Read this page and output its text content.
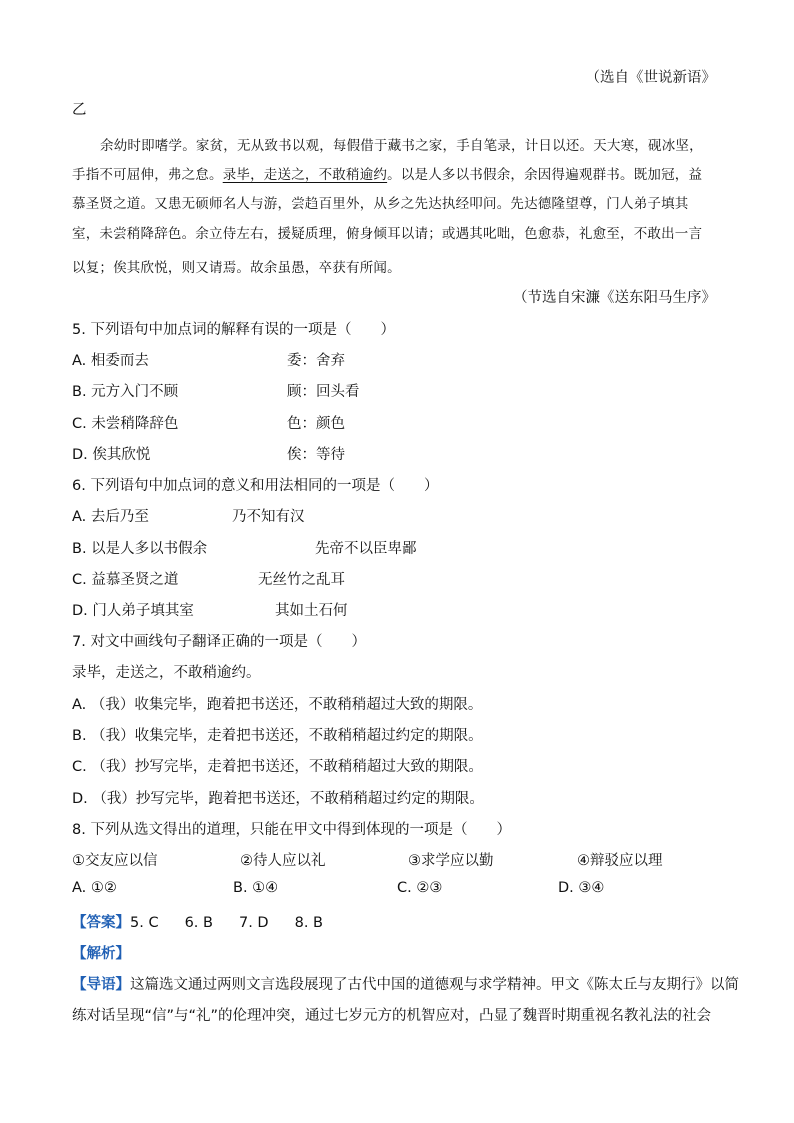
（选自《世说新语》
乙
余幼时即嗜学。家贫，无从致书以观，每假借于藏书之家，手自笔录，计日以还。天大寒，砚冰坚，
手指不可屈伸，弗之怠。录毕，走送之，不敢稍逾约。以是人多以书假余，余因得遍观群书。既加冠，益
慕圣贤之道。又患无硕师名人与游，尝趋百里外，从乡之先达执经叩问。先达德隆望尊，门人弟子填其
室，未尝稍降辞色。余立侍左右，援疑质理，俯身倾耳以请；或遇其叱咄，色愈恭，礼愈至，不敢出一言
以复；俟其欣悦，则又请焉。故余虽愚，卒获有所闻。
（节选自宋濂《送东阳马生序》
5. 下列语句中加点词的解释有误的一项是（　　）
A. 相委而去	委：舍弃
B. 元方入门不顾	顾：回头看
C. 未尝稍降辞色	色：颜色
D. 俟其欣悦	俟：等待
6. 下列语句中加点词的意义和用法相同的一项是（　　）
A. 去后乃至	乃不知有汉
B. 以是人多以书假余	先帝不以臣卑鄙
C. 益慕圣贤之道	无丝竹之乱耳
D. 门人弟子填其室	其如土石何
7. 对文中画线句子翻译正确的一项是（　　）
录毕，走送之，不敢稍逾约。
A. （我）收集完毕，跑着把书送还，不敢稍稍超过大致的期限。
B. （我）收集完毕，走着把书送还，不敢稍稍超过约定的期限。
C. （我）抄写完毕，走着把书送还，不敢稍稍超过大致的期限。
D. （我）抄写完毕，跑着把书送还，不敢稍稍超过约定的期限。
8. 下列从选文得出的道理，只能在甲文中得到体现的一项是（　　）
①交友应以信	②待人应以礼	③求学应以勤	④辩驳应以理
A. ①②	B. ①④	C. ②③	D. ③④
【答案】5. C 6. B 7. D 8. B
【解析】
【导语】这篇选文通过两则文言选段展现了古代中国的道德观与求学精神。甲文《陈太丘与友期行》以简
练对话呈现“信”与“礼”的伦理冲突，通过七岁元方的机智应对，凸显了魏晋时期重视名教礼法的社会
